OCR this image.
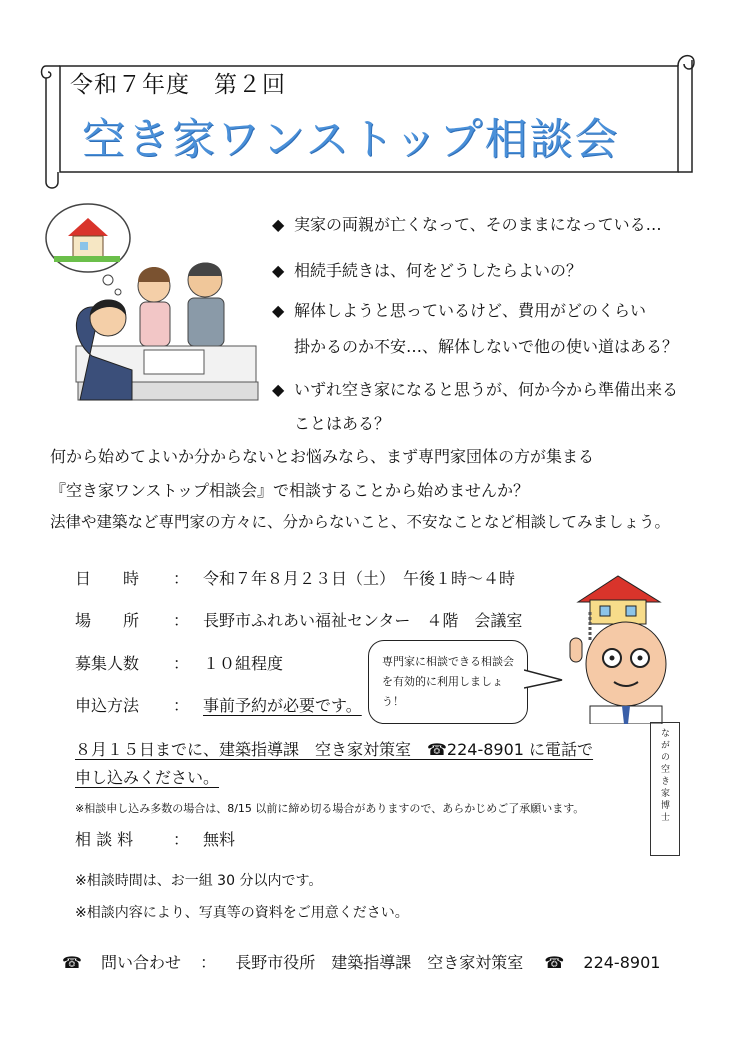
令和７年度　第２回
空き家ワンストップ相談会
◆ 実家の両親が亡くなって、そのままになっている…
◆ 相続手続きは、何をどうしたらよいの？
◆ 解体しようと思っているけど、費用がどのくらい
掛かるのか不安…、解体しないで他の使い道はある？
◆ いずれ空き家になると思うが、何か今から準備出来る
ことはある？
何から始めてよいか分からないとお悩みなら、まず専門家団体の方が集まる
『空き家ワンストップ相談会』で相談することから始めませんか？
法律や建築など専門家の方々に、分からないこと、不安なことなど相談してみましょう。
日　　時 ： 令和７年８月２３日（土）　午後１時～４時
場　　所 ： 長野市ふれあい福祉センター　４階　会議室
募集人数 ： １０組程度
申込方法 ： 事前予約が必要です。
８月１５日までに、建築指導課　空き家対策室　☎224-8901 に電話で
申し込みください。
※相談申し込み多数の場合は、8/15 以前に締め切る場合がありますので、あらかじめご了承願います。
相 談 料 ： 無料
※相談時間は、お一組 30 分以内です。
※相談内容により、写真等の資料をご用意ください。
専門家に相談できる相談会を有効的に利用しましょう！
ながの空き家博士
☎ 問い合わせ ： 長野市役所　建築指導課　空き家対策室 ☎ 224-8901
